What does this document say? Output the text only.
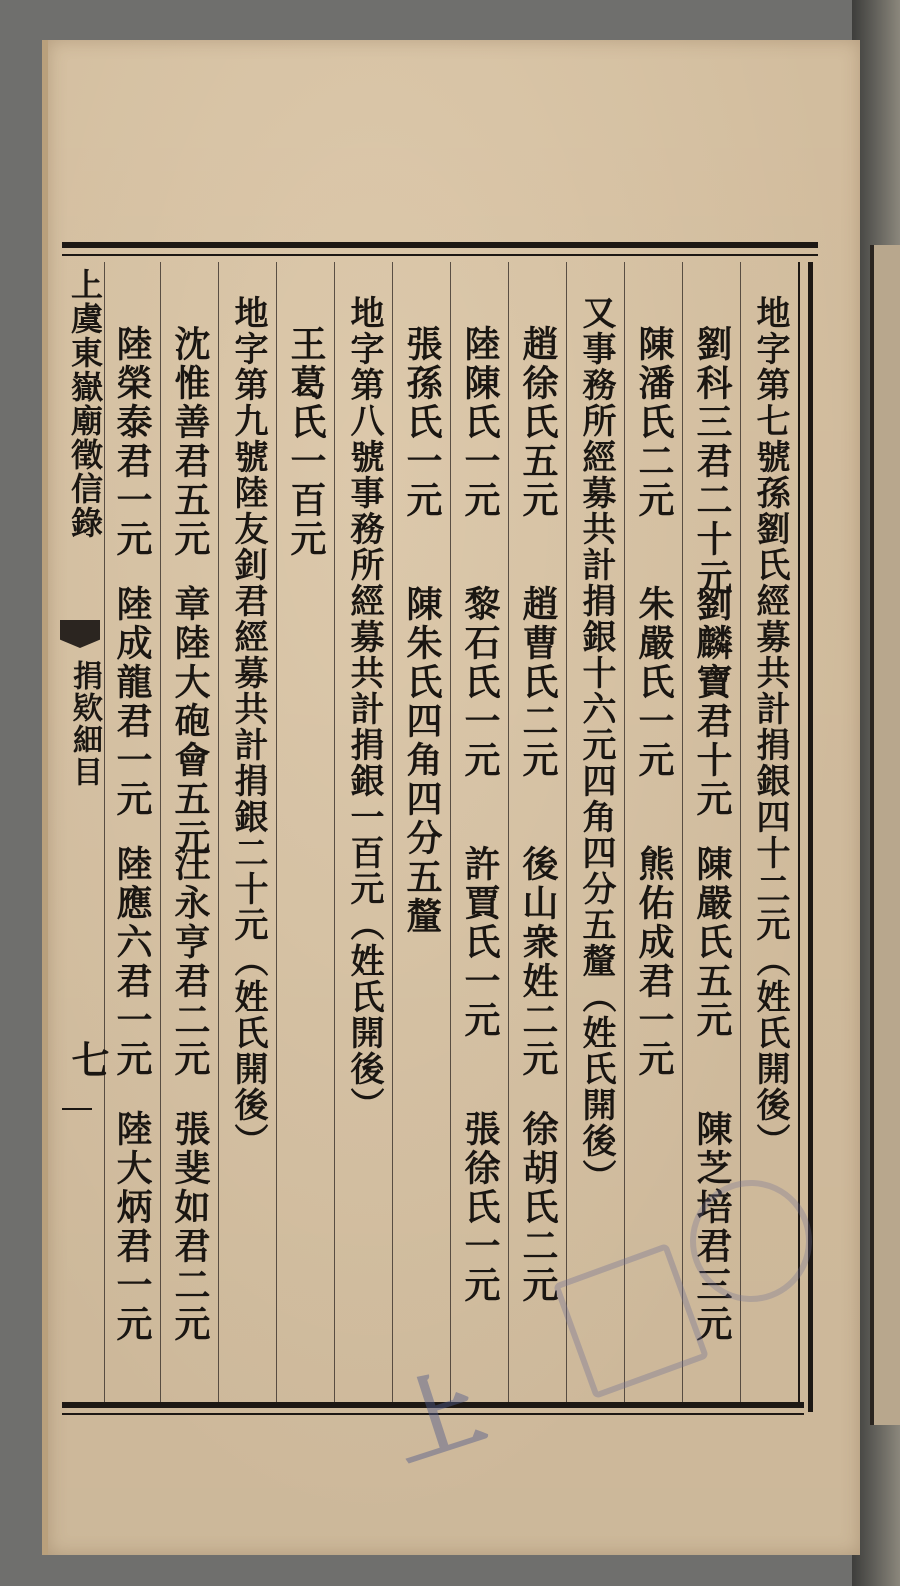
上虞東嶽廟徵信錄
捐欵細目
七	地字第七號孫劉氏經募共計捐銀四十二元（姓氏開後）
劉科三君二十元
劉麟寶君十元
陳嚴氏五元
陳芝培君三元
陳潘氏二元
朱嚴氏一元
熊佑成君一元
又事務所經募共計捐銀十六元四角四分五釐（姓氏開後）
趙徐氏五元
趙曹氏二元
後山衆姓二元
徐胡氏二元
陸陳氏一元
黎石氏一元
許賈氏一元
張徐氏一元
張孫氏一元
陳朱氏四角四分五釐
地字第八號事務所經募共計捐銀一百元（姓氏開後）
王葛氏一百元
地字第九號陸友釗君經募共計捐銀二十元（姓氏開後）
沈惟善君五元
章陸大砲會五元
汪永亨君二元
張斐如君二元
陸榮泰君一元
陸成龍君一元
陸應六君一元
陸大炳君一元
上
